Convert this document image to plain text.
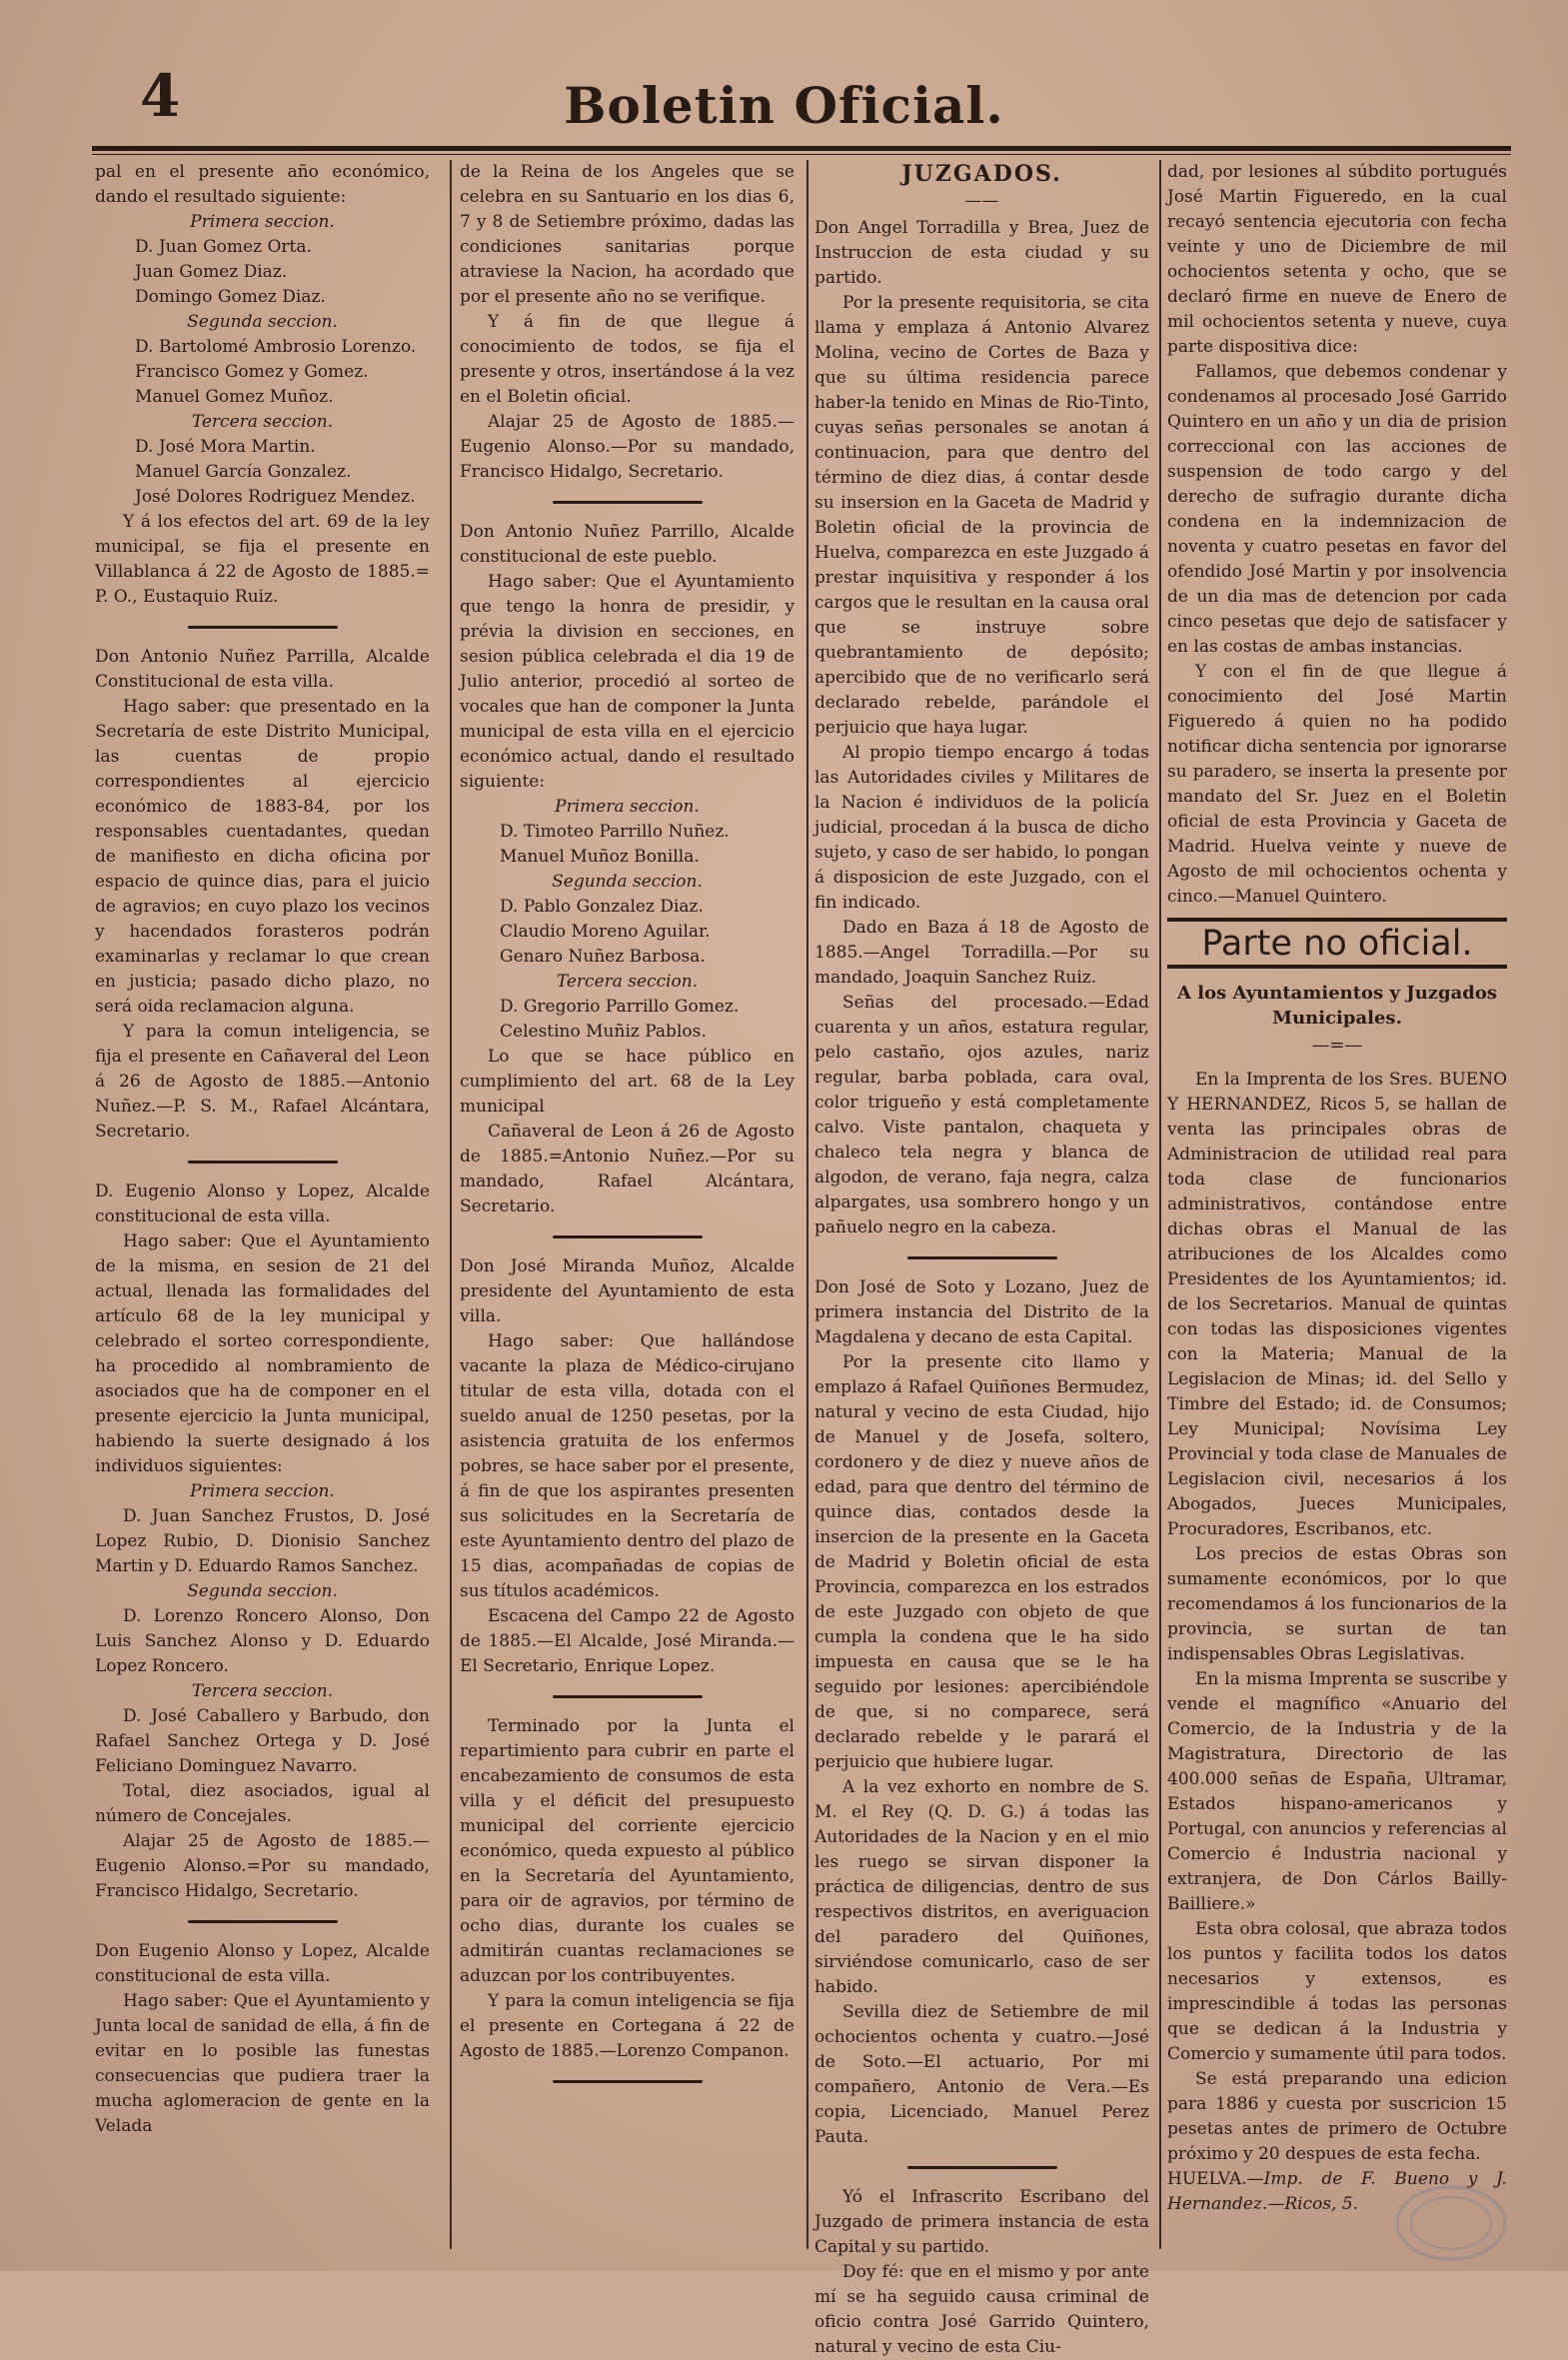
4	Boletin Oficial.

pal en el presente año económico, dando el resultado siguiente:

Primera seccion.

D. Juan Gomez Orta.
Juan Gomez Diaz.
Domingo Gomez Diaz.

Segunda seccion.

D. Bartolomé Ambrosio Lorenzo.
Francisco Gomez y Gomez.
Manuel Gomez Muñoz.

Tercera seccion.

D. José Mora Martin.
Manuel García Gonzalez.
José Dolores Rodriguez Mendez.

Y á los efectos del art. 69 de la ley municipal, se fija el presente en Villablanca á 22 de Agosto de 1885.= P. O., Eustaquio Ruiz.

Don Antonio Nuñez Parrilla, Alcalde Constitucional de esta villa.

Hago saber: que presentado en la Secretaría de este Distrito Municipal, las cuentas de propio correspondientes al ejercicio económico de 1883-84, por los responsables cuentadantes, quedan de manifiesto en dicha oficina por espacio de quince dias, para el juicio de agravios; en cuyo plazo los vecinos y hacendados forasteros podrán examinarlas y reclamar lo que crean en justicia; pasado dicho plazo, no será oida reclamacion alguna.

Y para la comun inteligencia, se fija el presente en Cañaveral del Leon á 26 de Agosto de 1885.—Antonio Nuñez.—P. S. M., Rafael Alcántara, Secretario.

D. Eugenio Alonso y Lopez, Alcalde constitucional de esta villa.

Hago saber: Que el Ayuntamiento de la misma, en sesion de 21 del actual, llenada las formalidades del artículo 68 de la ley municipal y celebrado el sorteo correspondiente, ha procedido al nombramiento de asociados que ha de componer en el presente ejercicio la Junta municipal, habiendo la suerte designado á los individuos siguientes:

Primera seccion.

D. Juan Sanchez Frustos, D. José Lopez Rubio, D. Dionisio Sanchez Martin y D. Eduardo Ramos Sanchez.

Segunda seccion.

D. Lorenzo Roncero Alonso, Don Luis Sanchez Alonso y D. Eduardo Lopez Roncero.

Tercera seccion.

D. José Caballero y Barbudo, don Rafael Sanchez Ortega y D. José Feliciano Dominguez Navarro.

Total, diez asociados, igual al número de Concejales.

Alajar 25 de Agosto de 1885.—Eugenio Alonso.=Por su mandado, Francisco Hidalgo, Secretario.

Don Eugenio Alonso y Lopez, Alcalde constitucional de esta villa.

Hago saber: Que el Ayuntamiento y Junta local de sanidad de ella, á fin de evitar en lo posible las funestas consecuencias que pudiera traer la mucha aglomeracion de gente en la Velada

de la Reina de los Angeles que se celebra en su Santuario en los dias 6, 7 y 8 de Setiembre próximo, dadas las condiciones sanitarias porque atraviese la Nacion, ha acordado que por el presente año no se verifique.

Y á fin de que llegue á conocimiento de todos, se fija el presente y otros, insertándose á la vez en el Boletin oficial.

Alajar 25 de Agosto de 1885.—Eugenio Alonso.—Por su mandado, Francisco Hidalgo, Secretario.

Don Antonio Nuñez Parrillo, Alcalde constitucional de este pueblo.

Hago saber: Que el Ayuntamiento que tengo la honra de presidir, y prévia la division en secciones, en sesion pública celebrada el dia 19 de Julio anterior, procedió al sorteo de vocales que han de componer la Junta municipal de esta villa en el ejercicio económico actual, dando el resultado siguiente:

Primera seccion.

D. Timoteo Parrillo Nuñez.
Manuel Muñoz Bonilla.

Segunda seccion.

D. Pablo Gonzalez Diaz.
Claudio Moreno Aguilar.
Genaro Nuñez Barbosa.

Tercera seccion.

D. Gregorio Parrillo Gomez.
Celestino Muñiz Pablos.

Lo que se hace público en cumplimiento del art. 68 de la Ley municipal

Cañaveral de Leon á 26 de Agosto de 1885.=Antonio Nuñez.—Por su mandado, Rafael Alcántara, Secretario.

Don José Miranda Muñoz, Alcalde presidente del Ayuntamiento de esta villa.

Hago saber: Que hallándose vacante la plaza de Médico-cirujano titular de esta villa, dotada con el sueldo anual de 1250 pesetas, por la asistencia gratuita de los enfermos pobres, se hace saber por el presente, á fin de que los aspirantes presenten sus solicitudes en la Secretaría de este Ayuntamiento dentro del plazo de 15 dias, acompañadas de copias de sus títulos académicos.

Escacena del Campo 22 de Agosto de 1885.—El Alcalde, José Miranda.—El Secretario, Enrique Lopez.

Terminado por la Junta el repartimiento para cubrir en parte el encabezamiento de consumos de esta villa y el déficit del presupuesto municipal del corriente ejercicio económico, queda expuesto al público en la Secretaría del Ayuntamiento, para oir de agravios, por término de ocho dias, durante los cuales se admitirán cuantas reclamaciones se aduzcan por los contribuyentes.

Y para la comun inteligencia se fija el presente en Cortegana á 22 de Agosto de 1885.—Lorenzo Companon.

JUZGADOS.
——

Don Angel Torradilla y Brea, Juez de Instruccion de esta ciudad y su partido.

Por la presente requisitoria, se cita llama y emplaza á Antonio Alvarez Molina, vecino de Cortes de Baza y que su última residencia parece haber-la tenido en Minas de Rio-Tinto, cuyas señas personales se anotan á continuacion, para que dentro del término de diez dias, á contar desde su insersion en la Gaceta de Madrid y Boletin oficial de la provincia de Huelva, comparezca en este Juzgado á prestar inquisitiva y responder á los cargos que le resultan en la causa oral que se instruye sobre quebrantamiento de depósito; apercibido que de no verificarlo será declarado rebelde, parándole el perjuicio que haya lugar.

Al propio tiempo encargo á todas las Autoridades civiles y Militares de la Nacion é individuos de la policía judicial, procedan á la busca de dicho sujeto, y caso de ser habido, lo pongan á disposicion de este Juzgado, con el fin indicado.

Dado en Baza á 18 de Agosto de 1885.—Angel Torradilla.—Por su mandado, Joaquin Sanchez Ruiz.

Señas del procesado.—Edad cuarenta y un años, estatura regular, pelo castaño, ojos azules, nariz regular, barba poblada, cara oval, color trigueño y está completamente calvo. Viste pantalon, chaqueta y chaleco tela negra y blanca de algodon, de verano, faja negra, calza alpargates, usa sombrero hongo y un pañuelo negro en la cabeza.

Don José de Soto y Lozano, Juez de primera instancia del Distrito de la Magdalena y decano de esta Capital.

Por la presente cito llamo y emplazo á Rafael Quiñones Bermudez, natural y vecino de esta Ciudad, hijo de Manuel y de Josefa, soltero, cordonero y de diez y nueve años de edad, para que dentro del término de quince dias, contados desde la insercion de la presente en la Gaceta de Madrid y Boletin oficial de esta Provincia, comparezca en los estrados de este Juzgado con objeto de que cumpla la condena que le ha sido impuesta en causa que se le ha seguido por lesiones: apercibiéndole de que, si no comparece, será declarado rebelde y le parará el perjuicio que hubiere lugar.

A la vez exhorto en nombre de S. M. el Rey (Q. D. G.) á todas las Autoridades de la Nacion y en el mio les ruego se sirvan disponer la práctica de diligencias, dentro de sus respectivos distritos, en averiguacion del paradero del Quiñones, sirviéndose comunicarlo, caso de ser habido.

Sevilla diez de Setiembre de mil ochocientos ochenta y cuatro.—José de Soto.—El actuario, Por mi compañero, Antonio de Vera.—Es copia, Licenciado, Manuel Perez Pauta.

Yó el Infrascrito Escribano del Juzgado de primera instancia de esta Capital y su partido.

Doy fé: que en el mismo y por ante mí se ha seguido causa criminal de oficio contra José Garrido Quintero, natural y vecino de esta Ciu-

dad, por lesiones al súbdito portugués José Martin Figueredo, en la cual recayó sentencia ejecutoria con fecha veinte y uno de Diciembre de mil ochocientos setenta y ocho, que se declaró firme en nueve de Enero de mil ochocientos setenta y nueve, cuya parte dispositiva dice:

Fallamos, que debemos condenar y condenamos al procesado José Garrido Quintero en un año y un dia de prision correccional con las acciones de suspension de todo cargo y del derecho de sufragio durante dicha condena en la indemnizacion de noventa y cuatro pesetas en favor del ofendido José Martin y por insolvencia de un dia mas de detencion por cada cinco pesetas que dejo de satisfacer y en las costas de ambas instancias.

Y con el fin de que llegue á conocimiento del José Martin Figueredo á quien no ha podido notificar dicha sentencia por ignorarse su paradero, se inserta la presente por mandato del Sr. Juez en el Boletin oficial de esta Provincia y Gaceta de Madrid. Huelva veinte y nueve de Agosto de mil ochocientos ochenta y cinco.—Manuel Quintero.

Parte no oficial.
A los Ayuntamientos y Juzgados Municipales.
—=—

En la Imprenta de los Sres. BUENO Y HERNANDEZ, Ricos 5, se hallan de venta las principales obras de Administracion de utilidad real para toda clase de funcionarios administrativos, contándose entre dichas obras el Manual de las atribuciones de los Alcaldes como Presidentes de los Ayuntamientos; id. de los Secretarios. Manual de quintas con todas las disposiciones vigentes con la Materia; Manual de la Legislacion de Minas; id. del Sello y Timbre del Estado; id. de Consumos; Ley Municipal; Novísima Ley Provincial y toda clase de Manuales de Legislacion civil, necesarios á los Abogados, Jueces Municipales, Procuradores, Escribanos, etc.

Los precios de estas Obras son sumamente económicos, por lo que recomendamos á los funcionarios de la provincia, se surtan de tan indispensables Obras Legislativas.

En la misma Imprenta se suscribe y vende el magnífico «Anuario del Comercio, de la Industria y de la Magistratura, Directorio de las 400.000 señas de España, Ultramar, Estados hispano-americanos y Portugal, con anuncios y referencias al Comercio é Industria nacional y extranjera, de Don Cárlos Bailly-Bailliere.»

Esta obra colosal, que abraza todos los puntos y facilita todos los datos necesarios y extensos, es imprescindible á todas las personas que se dedican á la Industria y Comercio y sumamente útil para todos.

Se está preparando una edicion para 1886 y cuesta por suscricion 15 pesetas antes de primero de Octubre próximo y 20 despues de esta fecha.

HUELVA.—Imp. de F. Bueno y J. Hernandez.—Ricos, 5.
